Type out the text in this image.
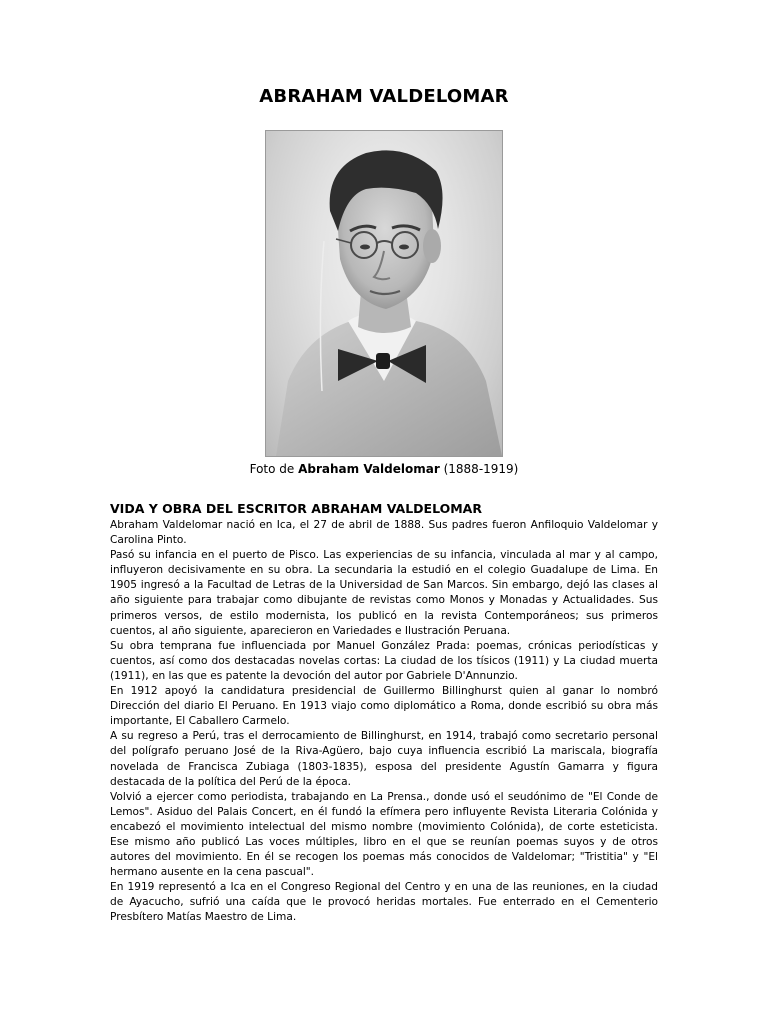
ABRAHAM VALDELOMAR
Foto de Abraham Valdelomar (1888-1919)
VIDA Y OBRA DEL ESCRITOR ABRAHAM VALDELOMAR

Abraham Valdelomar nació en Ica, el 27 de abril de 1888. Sus padres fueron Anfiloquio Valdelomar y Carolina Pinto.

Pasó su infancia en el puerto de Pisco. Las experiencias de su infancia, vinculada al mar y al campo, influyeron decisivamente en su obra. La secundaria la estudió en el colegio Guadalupe de Lima. En 1905 ingresó a la Facultad de Letras de la Universidad de San Marcos. Sin embargo, dejó las clases al año siguiente para trabajar como dibujante de revistas como Monos y Monadas y Actualidades. Sus primeros versos, de estilo modernista, los publicó en la revista Contemporáneos; sus primeros cuentos, al año siguiente, aparecieron en Variedades e Ilustración Peruana.

Su obra temprana fue influenciada por Manuel González Prada: poemas, crónicas periodísticas y cuentos, así como dos destacadas novelas cortas: La ciudad de los tísicos (1911) y La ciudad muerta (1911), en las que es patente la devoción del autor por Gabriele D'Annunzio.

En 1912 apoyó la candidatura presidencial de Guillermo Billinghurst quien al ganar lo nombró Dirección del diario El Peruano. En 1913 viajo como diplomático a Roma, donde escribió su obra más importante, El Caballero Carmelo.

A su regreso a Perú, tras el derrocamiento de Billinghurst, en 1914, trabajó como secretario personal del polígrafo peruano José de la Riva-Agüero, bajo cuya influencia escribió La mariscala, biografía novelada de Francisca Zubiaga (1803-1835), esposa del presidente Agustín Gamarra y figura destacada de la política del Perú de la época.

Volvió a ejercer como periodista, trabajando en La Prensa., donde usó el seudónimo de "El Conde de Lemos". Asiduo del Palais Concert, en él fundó la efímera pero influyente Revista Literaria Colónida y encabezó el movimiento intelectual del mismo nombre (movimiento Colónida), de corte esteticista. Ese mismo año publicó Las voces múltiples, libro en el que se reunían poemas suyos y de otros autores del movimiento. En él se recogen los poemas más conocidos de Valdelomar; "Tristitia" y "El hermano ausente en la cena pascual".

En 1919 representó a Ica en el Congreso Regional del Centro y en una de las reuniones, en la ciudad de Ayacucho, sufrió una caída que le provocó heridas mortales. Fue enterrado en el Cementerio Presbítero Matías Maestro de Lima.
